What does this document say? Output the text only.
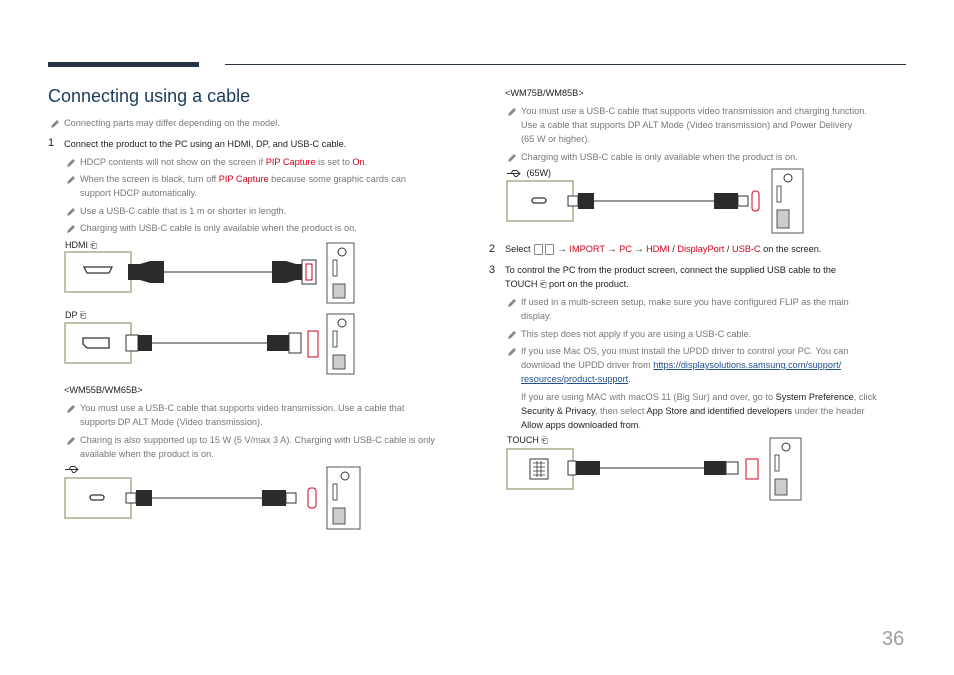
Connecting using a cable
Connecting parts may differ depending on the model.
1 Connect the product to the PC using an HDMI, DP, and USB-C cable.
HDCP contents will not show on the screen if PIP Capture is set to On.
When the screen is black, turn off PIP Capture because some graphic cards can
support HDCP automatically.
Use a USB-C cable that is 1 m or shorter in length.
Charging with USB-C cable is only available when the product is on.
HDMI ⎗
DP ⎗
<WM55B/WM65B>
You must use a USB-C cable that supports video transmission. Use a cable that
supports DP ALT Mode (Video transmission).
Charing is also supported up to 15 W (5 V/max 3 A). Charging with USB-C cable is only
available when the product is on.
<WM75B/WM85B>
You must use a USB-C cable that supports video transmission and charging function.
Use a cable that supports DP ALT Mode (Video transmission) and Power Delivery
(65 W or higher).
Charging with USB-C cable is only available when the product is on.
(65W)
2 Select	→ IMPORT → PC → HDMI / DisplayPort / USB-C on the screen.
3 To control the PC from the product screen, connect the supplied USB cable to the
TOUCH ⎗ port on the product.
If used in a multi-screen setup, make sure you have configured FLIP as the main
display.
This step does not apply if you are using a USB-C cable.
If you use Mac OS, you must install the UPDD driver to control your PC. You can
download the UPDD driver from https://displaysolutions.samsung.com/support/
resources/product-support.
If you are using MAC with macOS 11 (Big Sur) and over, go to System Preference, click
Security & Privacy, then select App Store and identified developers under the header
Allow apps downloaded from.
TOUCH ⎗
36
